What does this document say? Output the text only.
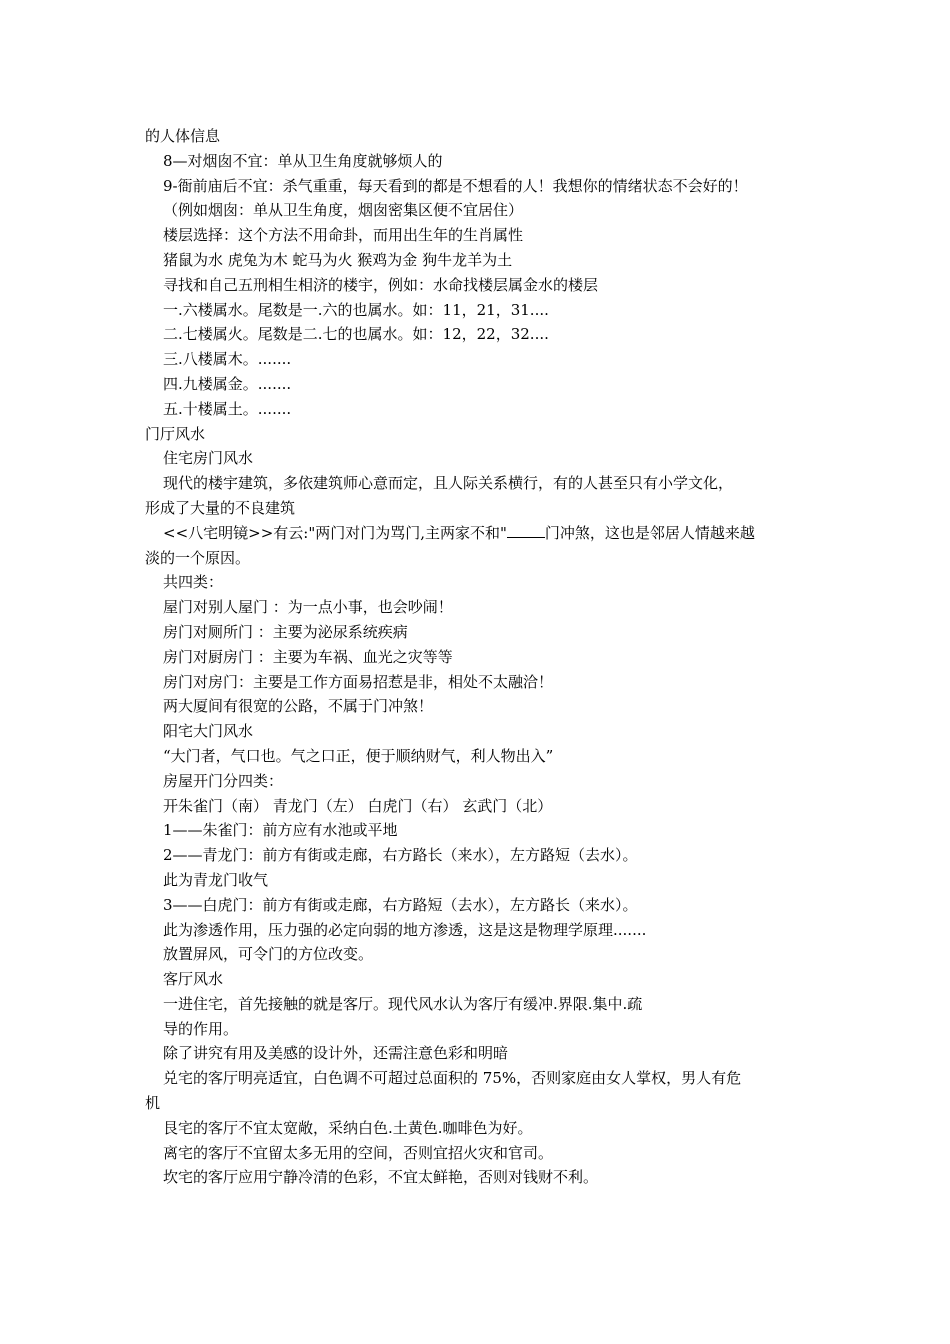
的人体信息

8—对烟囱不宜：单从卫生角度就够烦人的

9-衙前庙后不宜：杀气重重，每天看到的都是不想看的人！我想你的情绪状态不会好的！

（例如烟囱：单从卫生角度，烟囱密集区便不宜居住）

楼层选择：这个方法不用命卦，而用出生年的生肖属性

猪鼠为水 虎兔为木 蛇马为火 猴鸡为金 狗牛龙羊为土

寻找和自己五刑相生相济的楼宇，例如：水命找楼层属金水的楼层

一.六楼属水。尾数是一.六的也属水。如：11，21，31....

二.七楼属火。尾数是二.七的也属水。如：12，22，32....

三.八楼属木。.......

四.九楼属金。.......

五.十楼属土。.......

门厅风水

住宅房门风水

现代的楼宇建筑，多依建筑师心意而定，且人际关系横行，有的人甚至只有小学文化，

形成了大量的不良建筑

<<八宅明镜>>有云:"两门对门为骂门,主两家不和"	门冲煞，这也是邻居人情越来越

淡的一个原因。

共四类：

屋门对别人屋门 ：为一点小事，也会吵闹！

房门对厕所门 ：主要为泌尿系统疾病

房门对厨房门 ：主要为车祸、血光之灾等等

房门对房门：主要是工作方面易招惹是非，相处不太融洽！

两大厦间有很宽的公路，不属于门冲煞！

阳宅大门风水

“大门者，气口也。气之口正，便于顺纳财气，利人物出入”

房屋开门分四类：

开朱雀门（南） 青龙门（左） 白虎门（右） 玄武门（北）

1——朱雀门：前方应有水池或平地

2——青龙门：前方有街或走廊，右方路长（来水），左方路短（去水）。

此为青龙门收气

3——白虎门：前方有街或走廊，右方路短（去水），左方路长（来水）。

此为渗透作用，压力强的必定向弱的地方渗透，这是这是物理学原理.......

放置屏风，可令门的方位改变。

客厅风水

一进住宅，首先接触的就是客厅。现代风水认为客厅有缓冲.界限.集中.疏

导的作用。

除了讲究有用及美感的设计外，还需注意色彩和明暗

兑宅的客厅明亮适宜，白色调不可超过总面积的 75%，否则家庭由女人掌权，男人有危

机

艮宅的客厅不宜太宽敞，采纳白色.土黄色.咖啡色为好。

离宅的客厅不宜留太多无用的空间，否则宜招火灾和官司。

坎宅的客厅应用宁静冷清的色彩，不宜太鲜艳，否则对钱财不利。
